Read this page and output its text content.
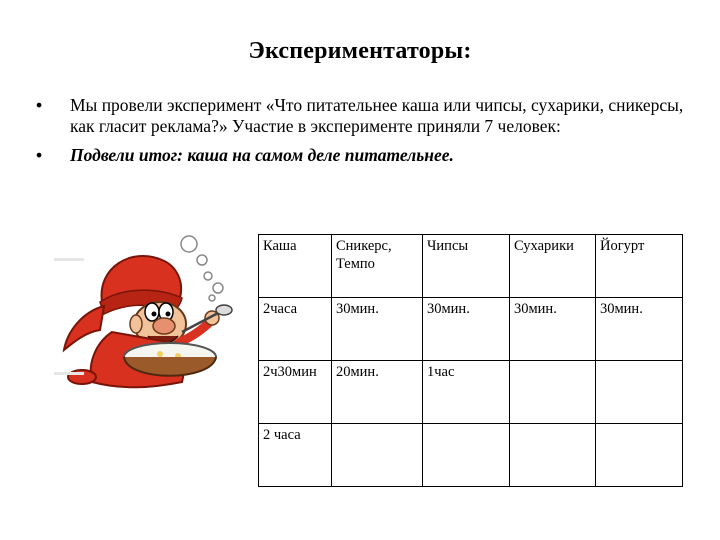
Экспериментаторы:
•	Мы провели эксперимент «Что питательнее каша или чипсы, сухарики, сникерсы, как гласит реклама?» Участие в эксперименте приняли 7 человек:
•	Подвели итог: каша на самом деле питательнее.
Каша	Сникерс, Темпо	Чипсы	Сухарики	Йогурт
2часа	30мин.	30мин.	30мин.	30мин.
2ч30мин	20мин.	1час		
2 часа				
